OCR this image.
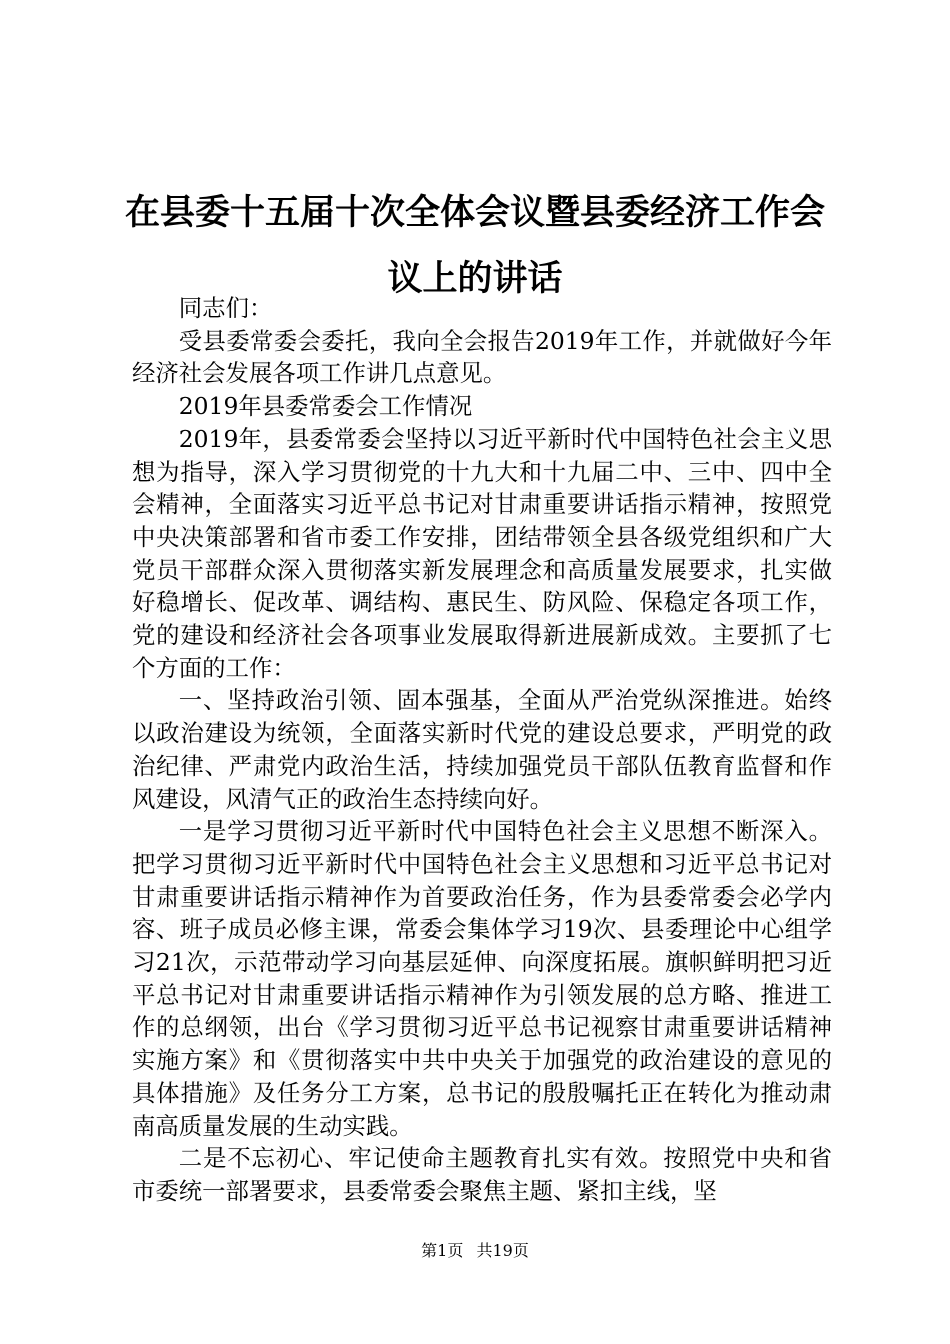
在县委十五届十次全体会议暨县委经济工作会
议上的讲话

同志们：

受县委常委会委托，我向全会报告2019年工作，并就做好今年经济社会发展各项工作讲几点意见。

2019年县委常委会工作情况

2019年，县委常委会坚持以习近平新时代中国特色社会主义思想为指导，深入学习贯彻党的十九大和十九届二中、三中、四中全会精神，全面落实习近平总书记对甘肃重要讲话指示精神，按照党中央决策部署和省市委工作安排，团结带领全县各级党组织和广大党员干部群众深入贯彻落实新发展理念和高质量发展要求，扎实做好稳增长、促改革、调结构、惠民生、防风险、保稳定各项工作，党的建设和经济社会各项事业发展取得新进展新成效。主要抓了七个方面的工作：

一、坚持政治引领、固本强基，全面从严治党纵深推进。始终以政治建设为统领，全面落实新时代党的建设总要求，严明党的政治纪律、严肃党内政治生活，持续加强党员干部队伍教育监督和作风建设，风清气正的政治生态持续向好。

一是学习贯彻习近平新时代中国特色社会主义思想不断深入。把学习贯彻习近平新时代中国特色社会主义思想和习近平总书记对甘肃重要讲话指示精神作为首要政治任务，作为县委常委会必学内容、班子成员必修主课，常委会集体学习19次、县委理论中心组学习21次，示范带动学习向基层延伸、向深度拓展。旗帜鲜明把习近平总书记对甘肃重要讲话指示精神作为引领发展的总方略、推进工作的总纲领，出台《学习贯彻习近平总书记视察甘肃重要讲话精神实施方案》和《贯彻落实中共中央关于加强党的政治建设的意见的具体措施》及任务分工方案，总书记的殷殷嘱托正在转化为推动肃南高质量发展的生动实践。

二是不忘初心、牢记使命主题教育扎实有效。按照党中央和省市委统一部署要求，县委常委会聚焦主题、紧扣主线，坚

第1页 共19页
